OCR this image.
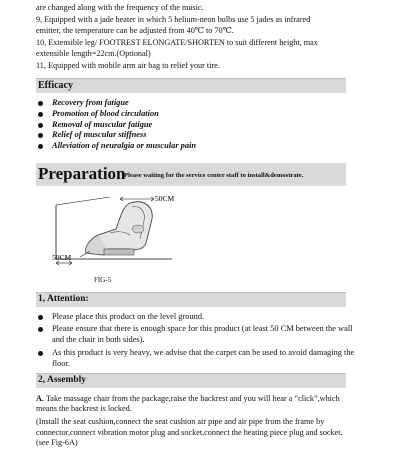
are changed along with the frequency of the music.
9, Equipped with a jade heater in which 5 helium-neon bulbs use 5 jades as infrared
emitter, the temperature can be adjusted from 40℃ to 70℃.
10, Extensible leg/ FOOTREST ELONGATE/SHORTEN to suit different height, max
extensible length=22cm.(Optional)
11, Equipped with mobile arm air bag to relief your tire.
Efficacy
Recovery from fatigue
Promotion of blood circulation
Removal of muscular fatigue
Relief of muscular stiffness
Alleviation of neuralgia or muscular pain
Preparation
Please waiting for the service center staff to install&demostrate.
50CM
50CM
FIG-5
1, Attention:
Please place this product on the level ground.
Please ensure that there is enough space for this product (at least 50 CM between the wall and the chair in both sides).
As this product is very heavy, we advise that the carpet can be used to avoid damaging the floor.
2, Assembly
A. Take massage chair from the package,raise the backrest and you will hear a “click”,which means the backrest is locked.
(Install the seat cushion,connect the seat cushion air pipe and air pipe from the frame by connector,connect vibration motor plug and socket,connect the heating piece plug and socket.(see Fig-6A)
